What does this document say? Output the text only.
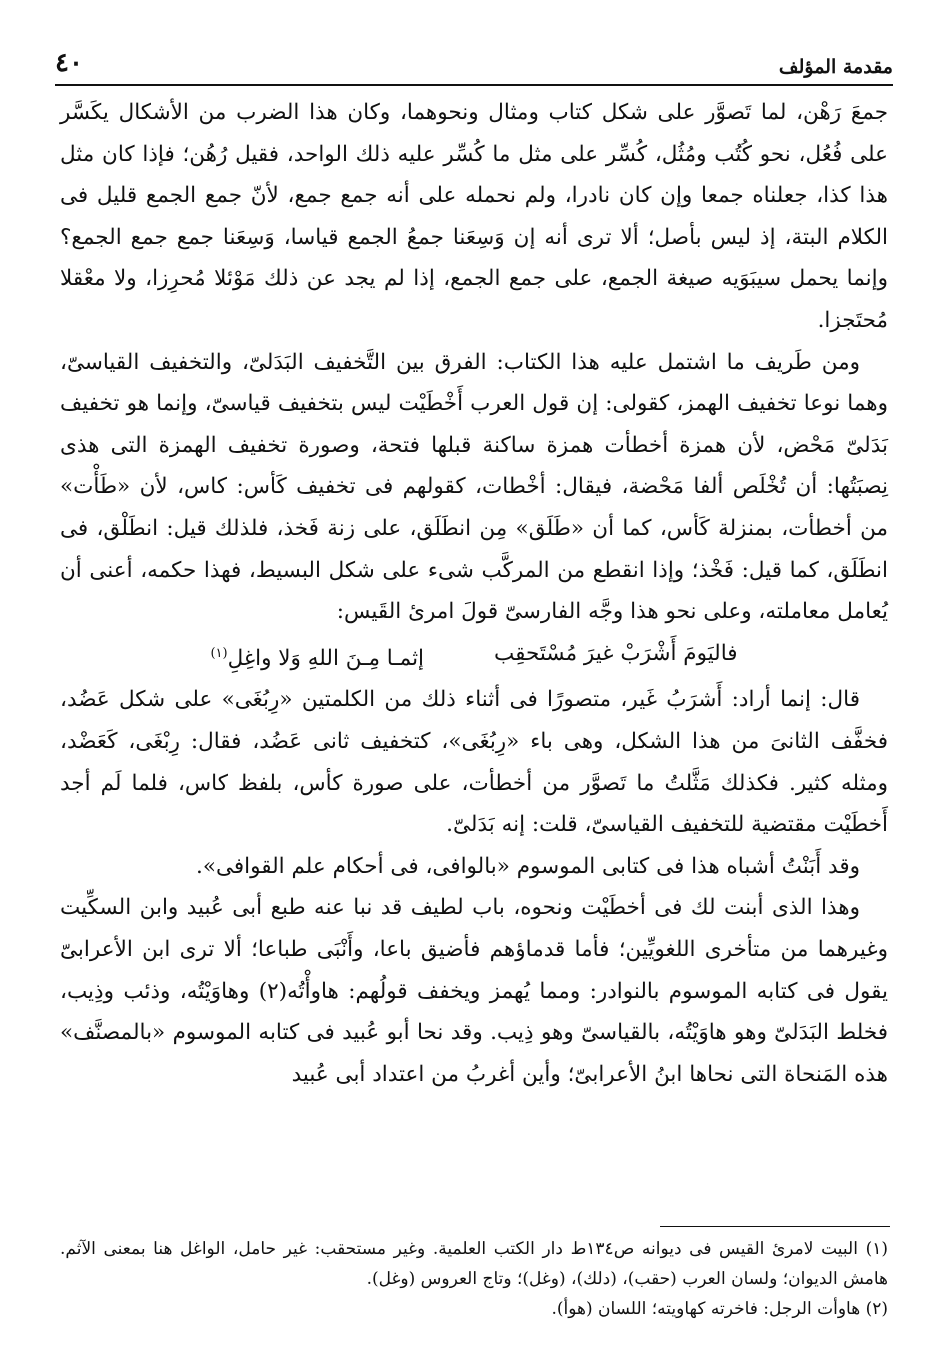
مقدمة المؤلف
٤٠

جمعَ رَهْن، لما تَصوَّر على شكل كتاب ومثال ونحوهما، وكان هذا الضرب من الأشكال يكَسَّر على فُعُل، نحو كُتُب ومُثُل، كُسِّر على مثل ما كُسِّر عليه ذلك الواحد، فقيل رُهُن؛ فإذا كان مثل هذا كذا، جعلناه جمعا وإن كان نادرا، ولم نحمله على أنه جمع جمع، لأنّ جمع الجمع قليل فى الكلام البتة، إذ ليس بأصل؛ ألا ترى أنه إن وَسِعَنا جمعُ الجمع قياسا، وَسِعَنا جمع جمع الجمع؟ وإنما يحمل سيبَوَيه صيغة الجمع، على جمع الجمع، إذا لم يجد عن ذلك مَوْئلا مُحرِزا، ولا معْقلا مُحتَجزا.

ومن طَريف ما اشتمل عليه هذا الكتاب: الفرق بين التَّخفيف البَدَلىّ، والتخفيف القياسىّ، وهما نوعا تخفيف الهمز، كقولى: إن قول العرب أَخْطَيْت ليس بتخفيف قياسىّ، وإنما هو تخفيف بَدَلىّ مَحْض، لأن همزة أخطأت همزة ساكنة قبلها فتحة، وصورة تخفيف الهمزة التى هذى نِصبَتُها: أن تُخْلَص ألفا مَحْضة، فيقال: أخْطات، كقولهم فى تخفيف كَأس: كاس، لأن «طَأْت» من أخطأت، بمنزلة كَأس، كما أن «طَلَق» مِن انطَلَق، على زنة فَخذ، فلذلك قيل: انطَلْق، فى انطَلَق، كما قيل: فَخْذ؛ وإذا انقطع من المركَّب شىء على شكل البسيط، فهذا حكمه، أعنى أن يُعامل معاملته، وعلى نحو هذا وجَّه الفارسىّ قولَ امرئ القَيس:

فاليَومَ أَشْرَبْ غيرَ مُسْتَحقِب
إثمـا مِـنَ اللهِ وَلا واغِلِ$^{(١)}$

قال: إنما أراد: أَشرَبُ غَير، متصورًا فى أثناء ذلك من الكلمتين «رِبُغَى» على شكل عَضُد، فخفَّف الثانىَ من هذا الشكل، وهى باء «رِبُغَى»، كتخفيف ثانى عَضُد، فقال: رِبْغَى، كَعَضْد، ومثله كثير. فكذلك مَثَّلتُ ما تَصوَّر من أخطأت، على صورة كأس، بلفظ كاس، فلما لَم أجد أَخطَيْت مقتضية للتخفيف القياسىّ، قلت: إنه بَدَلىّ.

وقد أَبَنْتُ أشباه هذا فى كتابى الموسوم «بالوافى، فى أحكام علم القوافى».

وهذا الذى أبنت لك فى أخطَيْت ونحوه، باب لطيف قد نبا عنه طبع أبى عُبيد وابن السكِّيت وغيرهما من متأخرى اللغويِّين؛ فأما قدماؤهم فأضيق باعا، وأَنْبَى طباعا؛ ألا ترى ابن الأعرابىّ يقول فى كتابه الموسوم بالنوادر: ومما يُهمز ويخفف قولُهم: هاوأْتُه(٢) وهاوَيْتُه، وذئب وذِيب، فخلط البَدَلىّ وهو هاوَيْتُه، بالقياسىّ وهو ذِيب. وقد نحا أبو عُبيد فى كتابه الموسوم «بالمصنَّف» هذه المَنحاة التى نحاها ابنُ الأعرابىّ؛ وأين أغربُ من اعتداد أبى عُبيد

(١) البيت لامرئ القيس فى ديوانه ص١٣٤ط دار الكتب العلمية. وغير مستحقب: غير حامل، الواغل هنا بمعنى الآثم. هامش الديوان؛ ولسان العرب (حقب)، (دلك)، (وغل)؛ وتاج العروس (وغل).

(٢) هاوأت الرجل: فاخرته كهاويته؛ اللسان (هوأ).
